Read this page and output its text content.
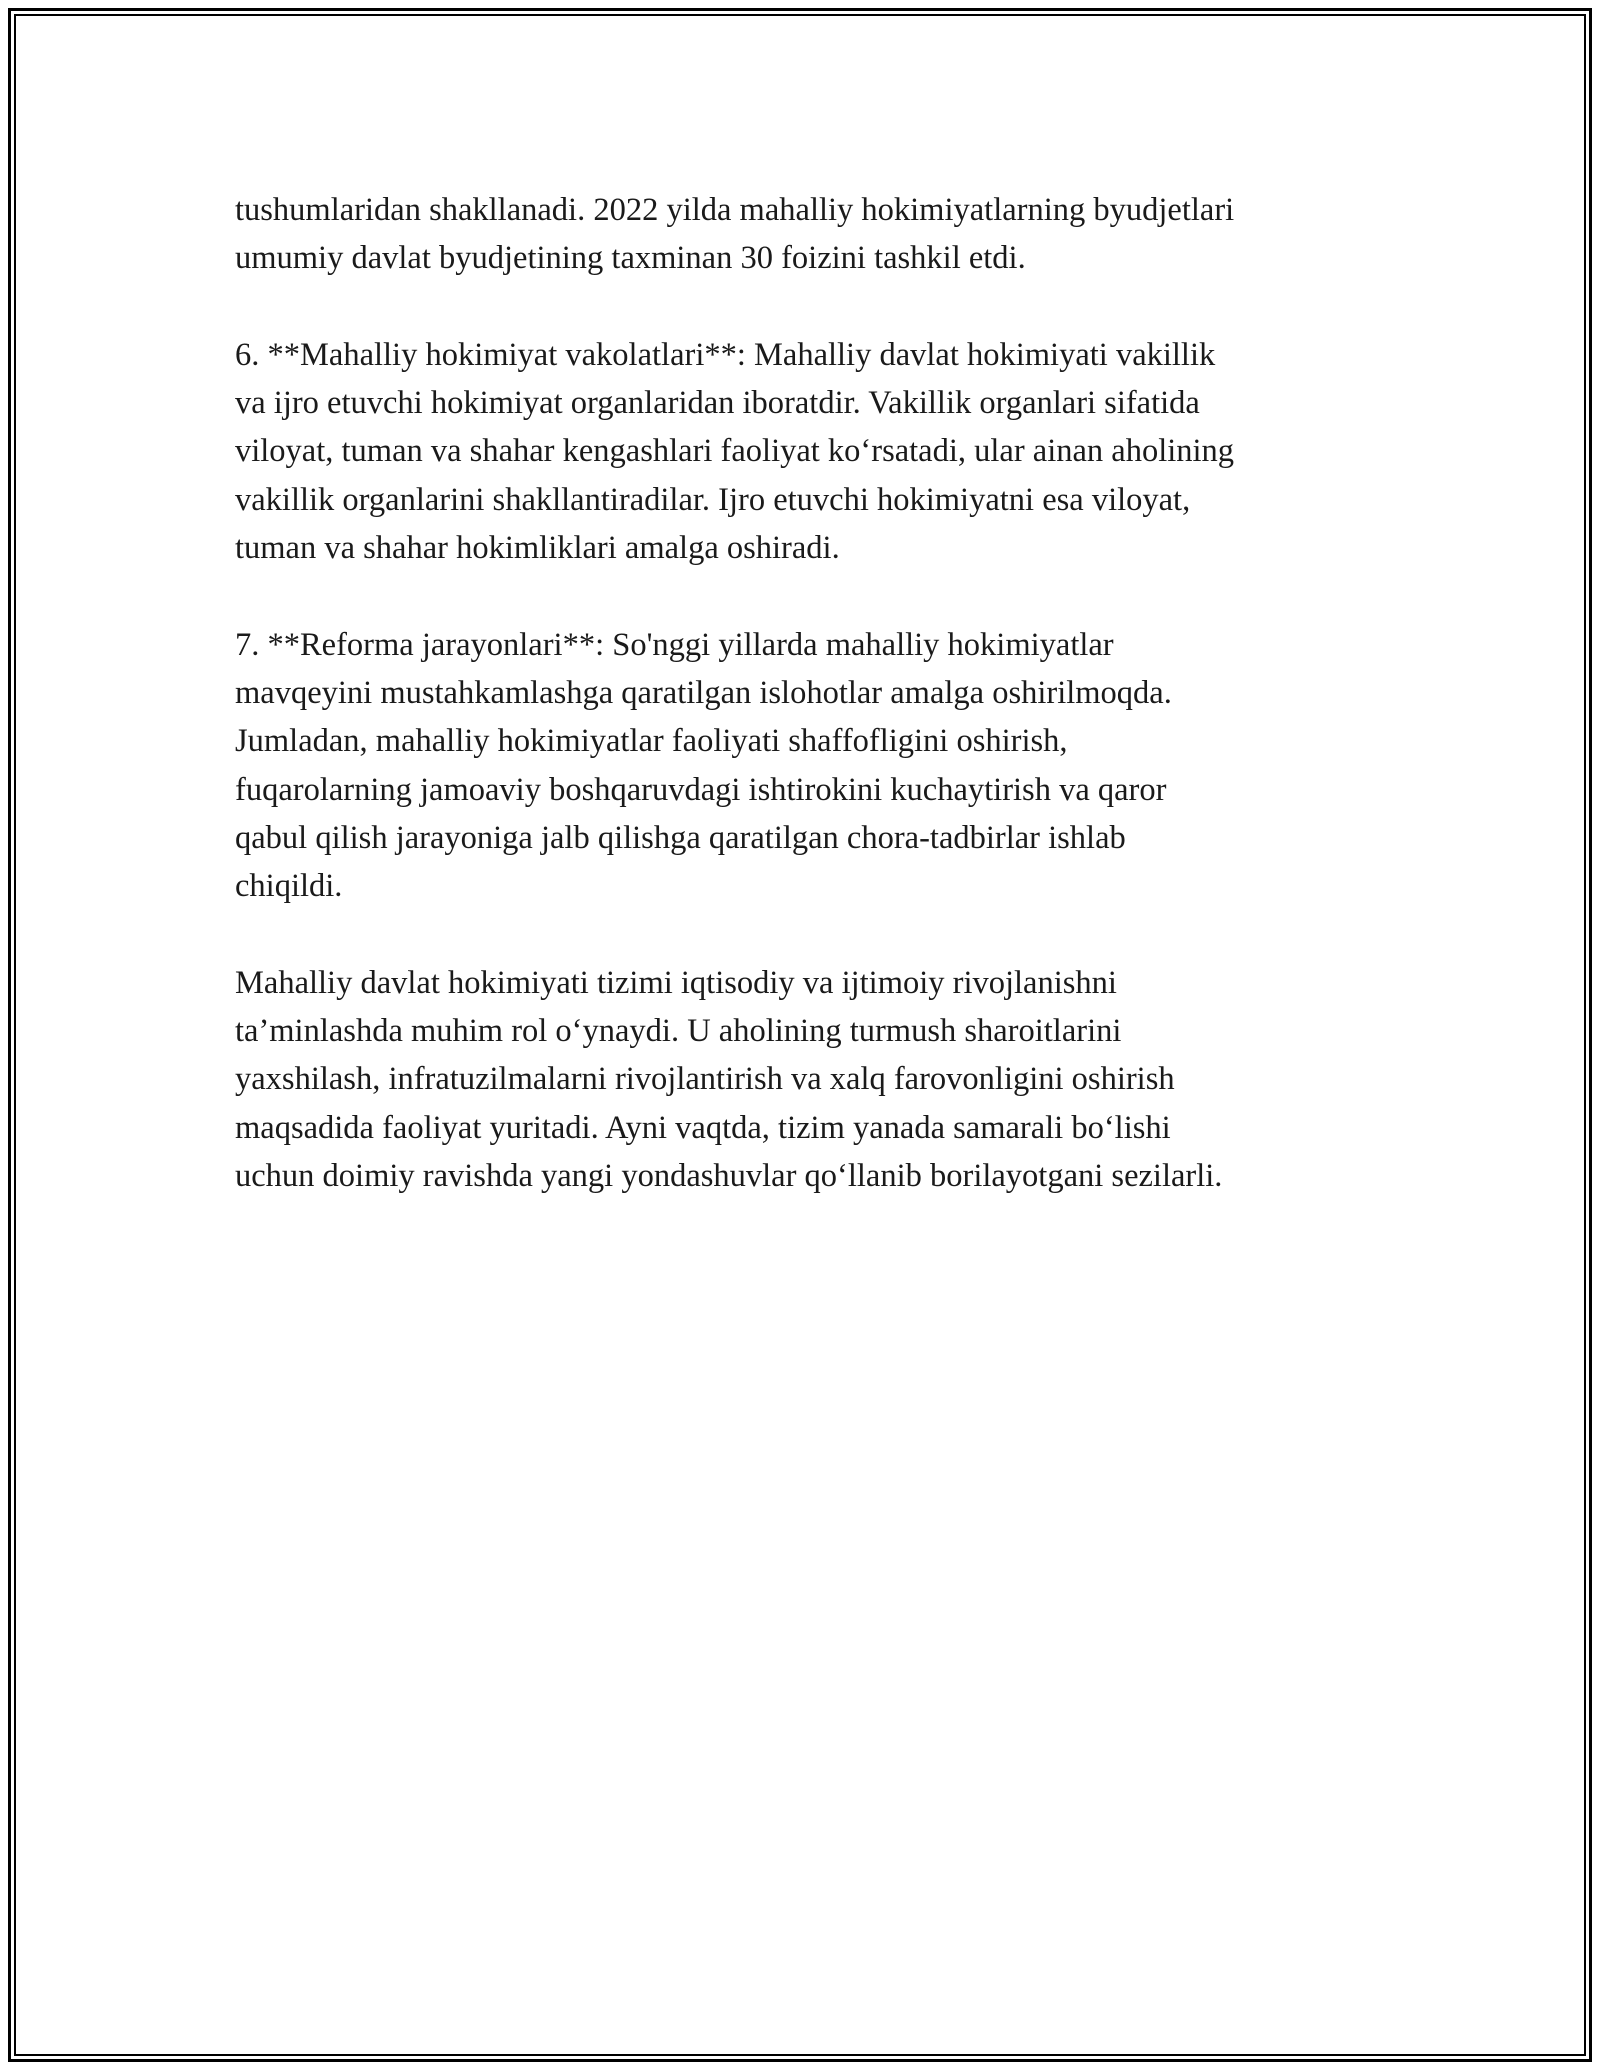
tushumlaridan shakllanadi. 2022 yilda mahalliy hokimiyatlarning byudjetlari
umumiy davlat byudjetining taxminan 30 foizini tashkil etdi.

6. **Mahalliy hokimiyat vakolatlari**: Mahalliy davlat hokimiyati vakillik
va ijro etuvchi hokimiyat organlaridan iboratdir. Vakillik organlari sifatida
viloyat, tuman va shahar kengashlari faoliyat ko‘rsatadi, ular ainan aholining
vakillik organlarini shakllantiradilar. Ijro etuvchi hokimiyatni esa viloyat,
tuman va shahar hokimliklari amalga oshiradi.

7. **Reforma jarayonlari**: So'nggi yillarda mahalliy hokimiyatlar
mavqeyini mustahkamlashga qaratilgan islohotlar amalga oshirilmoqda.
Jumladan, mahalliy hokimiyatlar faoliyati shaffofligini oshirish,
fuqarolarning jamoaviy boshqaruvdagi ishtirokini kuchaytirish va qaror
qabul qilish jarayoniga jalb qilishga qaratilgan chora-tadbirlar ishlab
chiqildi.

Mahalliy davlat hokimiyati tizimi iqtisodiy va ijtimoiy rivojlanishni
ta’minlashda muhim rol o‘ynaydi. U aholining turmush sharoitlarini
yaxshilash, infratuzilmalarni rivojlantirish va xalq farovonligini oshirish
maqsadida faoliyat yuritadi. Ayni vaqtda, tizim yanada samarali bo‘lishi
uchun doimiy ravishda yangi yondashuvlar qo‘llanib borilayotgani sezilarli.
